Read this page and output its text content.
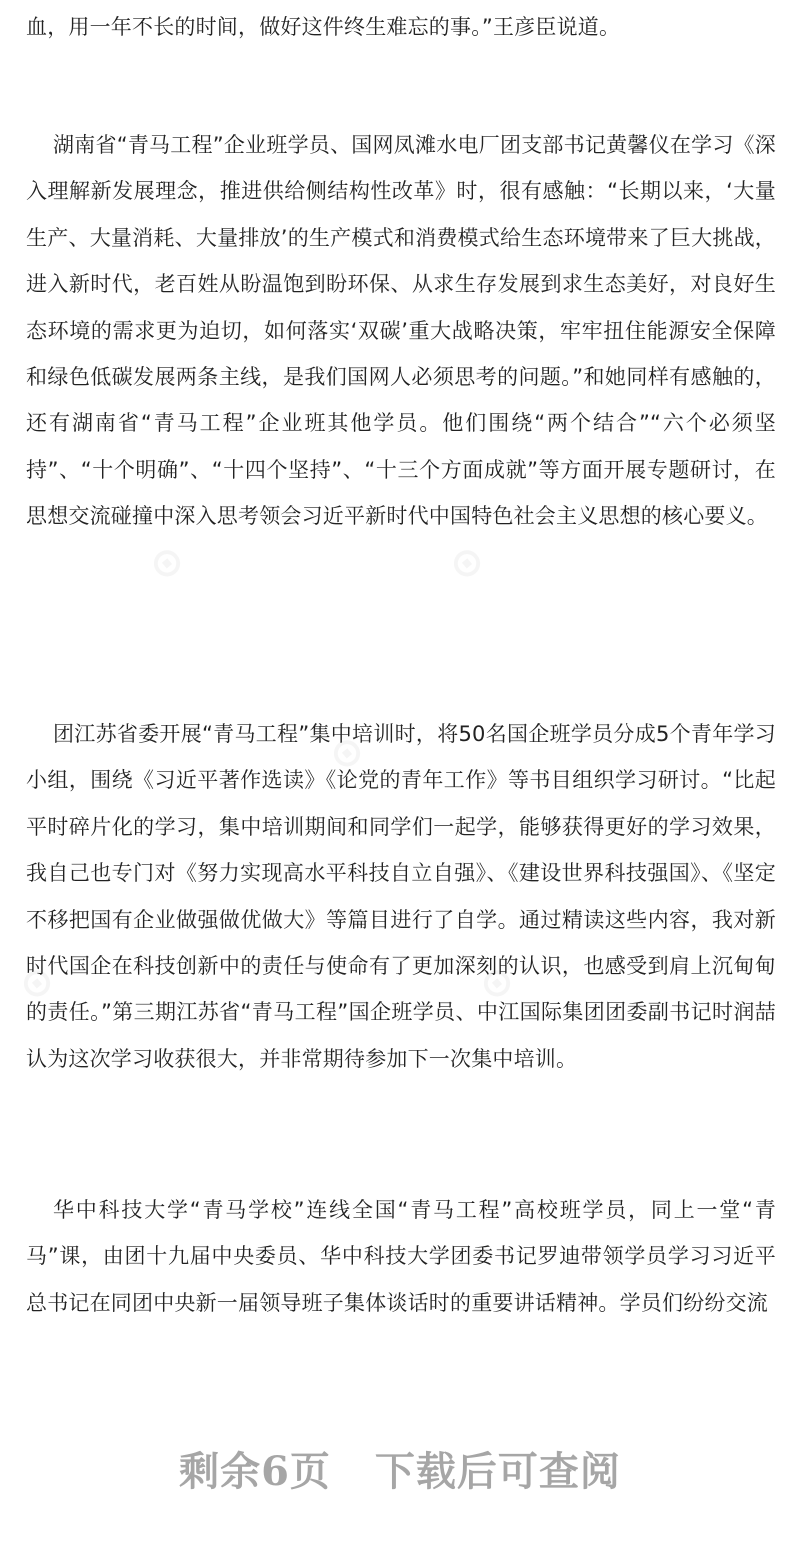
血，用一年不长的时间，做好这件终生难忘的事。”王彦臣说道。

湖南省“青马工程”企业班学员、国网凤滩水电厂团支部书记黄馨仪在学习《深入理解新发展理念，推进供给侧结构性改革》时，很有感触：“长期以来，‘大量生产、大量消耗、大量排放’的生产模式和消费模式给生态环境带来了巨大挑战，进入新时代，老百姓从盼温饱到盼环保、从求生存发展到求生态美好，对良好生态环境的需求更为迫切，如何落实‘双碳’重大战略决策，牢牢扭住能源安全保障和绿色低碳发展两条主线，是我们国网人必须思考的问题。”和她同样有感触的，还有湖南省“青马工程”企业班其他学员。他们围绕“两个结合”“六个必须坚持”、“十个明确”、“十四个坚持”、“十三个方面成就”等方面开展专题研讨，在思想交流碰撞中深入思考领会习近平新时代中国特色社会主义思想的核心要义。

团江苏省委开展“青马工程”集中培训时，将50名国企班学员分成5个青年学习小组，围绕《习近平著作选读》《论党的青年工作》等书目组织学习研讨。“比起平时碎片化的学习，集中培训期间和同学们一起学，能够获得更好的学习效果，我自己也专门对《努力实现高水平科技自立自强》、《建设世界科技强国》、《坚定不移把国有企业做强做优做大》等篇目进行了自学。通过精读这些内容，我对新时代国企在科技创新中的责任与使命有了更加深刻的认识，也感受到肩上沉甸甸的责任。”第三期江苏省“青马工程”国企班学员、中江国际集团团委副书记时润喆认为这次学习收获很大，并非常期待参加下一次集中培训。

华中科技大学“青马学校”连线全国“青马工程”高校班学员，同上一堂“青马”课，由团十九届中央委员、华中科技大学团委书记罗迪带领学员学习习近平总书记在同团中央新一届领导班子集体谈话时的重要讲话精神。学员们纷纷交流

剩余6页 下载后可查阅
